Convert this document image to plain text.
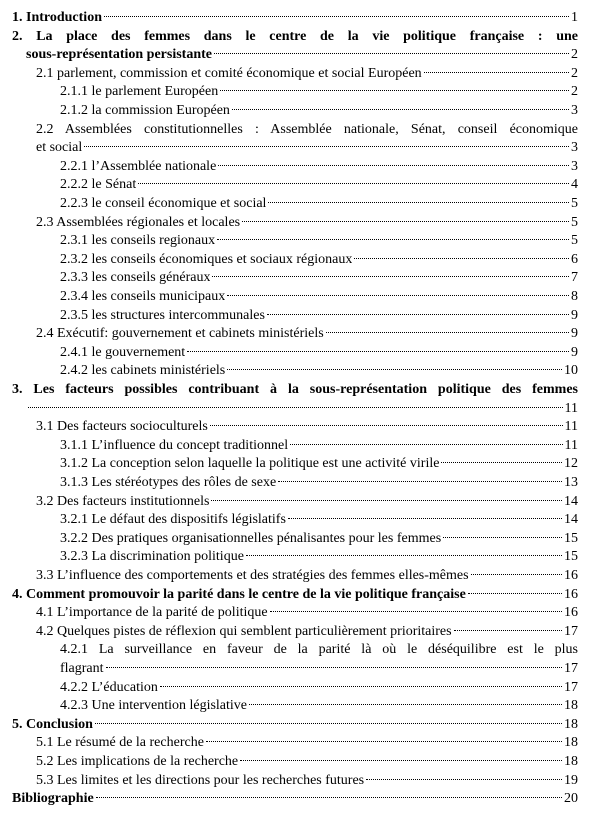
1. Introduction	1
2. La place des femmes dans le centre de la vie politique française : une
sous-représentation persistante	2
2.1 parlement, commission et comité économique et social Européen	2
2.1.1 le parlement Européen	2
2.1.2 la commission Européen	3
2.2 Assemblées constitutionnelles : Assemblée nationale, Sénat, conseil économique
et social	3
2.2.1 l’Assemblée nationale	3
2.2.2 le Sénat	4
2.2.3 le conseil économique et social	5
2.3 Assemblées régionales et locales	5
2.3.1 les conseils regionaux	5
2.3.2 les conseils économiques et sociaux régionaux	6
2.3.3 les conseils généraux	7
2.3.4 les conseils municipaux	8
2.3.5 les structures intercommunales	9
2.4 Exécutif: gouvernement et cabinets ministériels	9
2.4.1 le gouvernement	9
2.4.2 les cabinets ministériels	10
3. Les facteurs possibles contribuant à la sous-représentation politique des femmes
11
3.1 Des facteurs socioculturels	11
3.1.1 L’influence du concept traditionnel	11
3.1.2 La conception selon laquelle la politique est une activité virile	12
3.1.3 Les stéréotypes des rôles de sexe	13
3.2 Des facteurs institutionnels	14
3.2.1 Le défaut des dispositifs législatifs	14
3.2.2 Des pratiques organisationnelles pénalisantes pour les femmes	15
3.2.3 La discrimination politique	15
3.3 L’influence des comportements et des stratégies des femmes elles-mêmes	16
4. Comment promouvoir la parité dans le centre de la vie politique française	16
4.1 L’importance de la parité de politique	16
4.2 Quelques pistes de réflexion qui semblent particulièrement prioritaires	17
4.2.1 La surveillance en faveur de la parité là où le déséquilibre est le plus
flagrant	17
4.2.2 L’éducation	17
4.2.3 Une intervention législative	18
5. Conclusion	18
5.1 Le résumé de la recherche	18
5.2 Les implications de la recherche	18
5.3 Les limites et les directions pour les recherches futures	19
Bibliographie	20
